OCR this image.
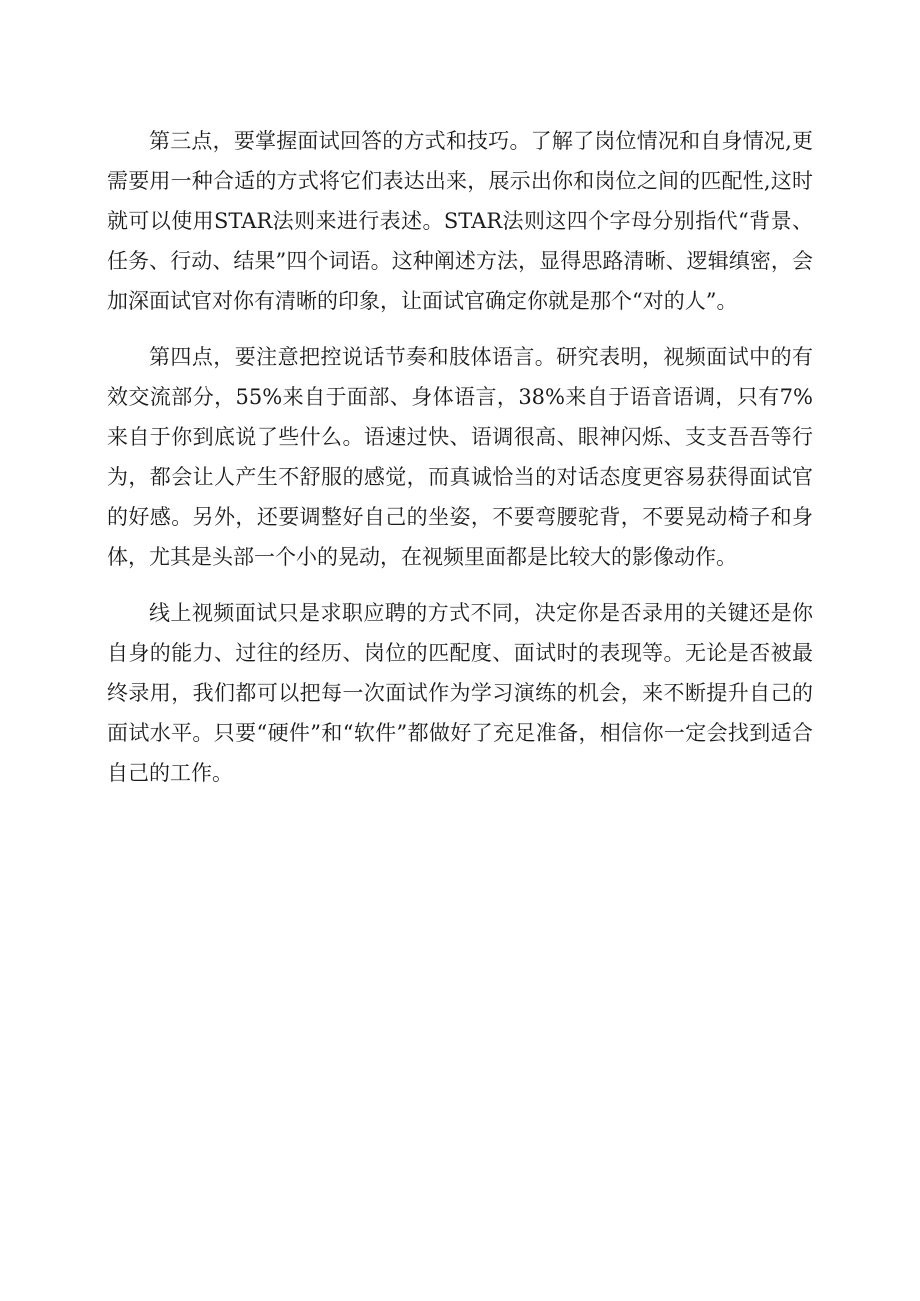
第三点，要掌握面试回答的方式和技巧。了解了岗位情况和自身情况,更需要用一种合适的方式将它们表达出来，展示出你和岗位之间的匹配性,这时就可以使用STAR法则来进行表述。STAR法则这四个字母分别指代“背景、任务、行动、结果”四个词语。这种阐述方法，显得思路清晰、逻辑缜密，会加深面试官对你有清晰的印象，让面试官确定你就是那个“对的人”。

第四点，要注意把控说话节奏和肢体语言。研究表明，视频面试中的有效交流部分，55%来自于面部、身体语言，38%来自于语音语调，只有7%来自于你到底说了些什么。语速过快、语调很高、眼神闪烁、支支吾吾等行为，都会让人产生不舒服的感觉，而真诚恰当的对话态度更容易获得面试官的好感。另外，还要调整好自己的坐姿，不要弯腰驼背，不要晃动椅子和身体，尤其是头部一个小的晃动，在视频里面都是比较大的影像动作。

线上视频面试只是求职应聘的方式不同，决定你是否录用的关键还是你自身的能力、过往的经历、岗位的匹配度、面试时的表现等。无论是否被最终录用，我们都可以把每一次面试作为学习演练的机会，来不断提升自己的面试水平。只要“硬件”和“软件”都做好了充足准备，相信你一定会找到适合自己的工作。
